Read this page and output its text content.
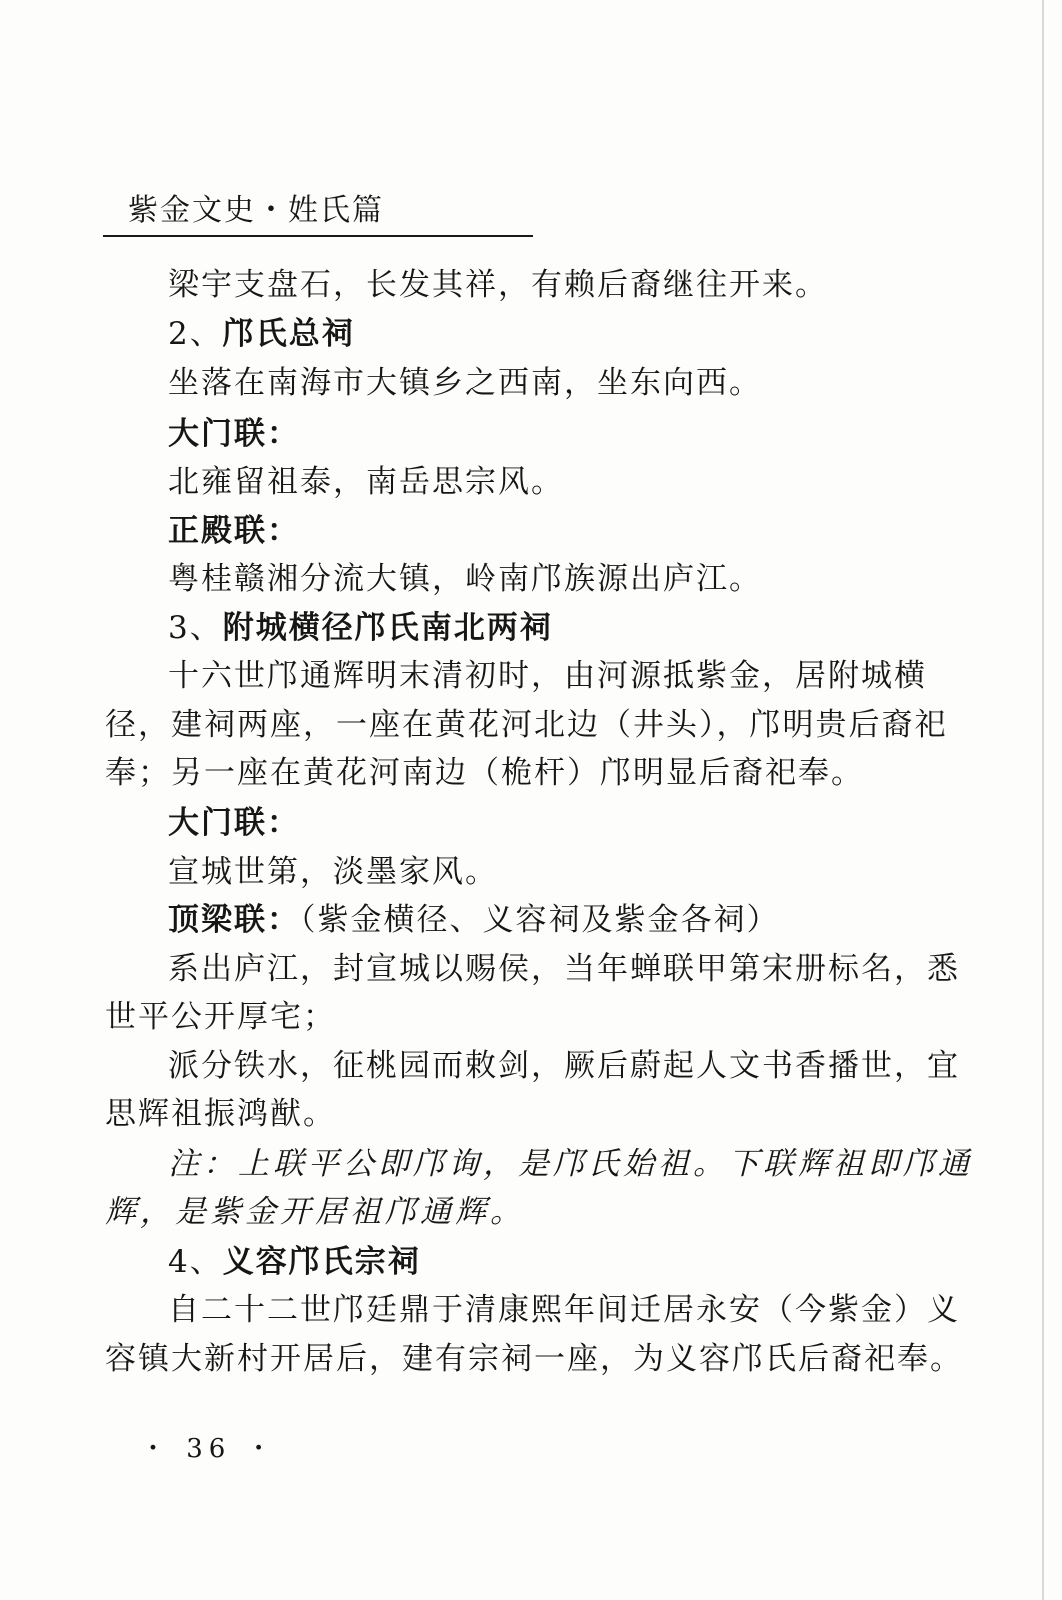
紫金文史・姓氏篇
梁宇支盘石，长发其祥，有赖后裔继往开来。
2、邝氏总祠
坐落在南海市大镇乡之西南，坐东向西。
大门联：
北雍留祖泰，南岳思宗风。
正殿联：
粤桂赣湘分流大镇，岭南邝族源出庐江。
3、附城横径邝氏南北两祠
十六世邝通辉明末清初时，由河源抵紫金，居附城横
径，建祠两座，一座在黄花河北边（井头），邝明贵后裔祀
奉；另一座在黄花河南边（桅杆）邝明显后裔祀奉。
大门联：
宣城世第，淡墨家风。
顶梁联：（紫金横径、义容祠及紫金各祠）
系出庐江，封宣城以赐侯，当年蝉联甲第宋册标名，悉
世平公开厚宅；
派分铁水，征桃园而敕剑，厥后蔚起人文书香播世，宜
思辉祖振鸿猷。
注：上联平公即邝询，是邝氏始祖。下联辉祖即邝通
辉，是紫金开居祖邝通辉。
4、义容邝氏宗祠
自二十二世邝廷鼎于清康熙年间迁居永安（今紫金）义
容镇大新村开居后，建有宗祠一座，为义容邝氏后裔祀奉。
・ 36 ・
